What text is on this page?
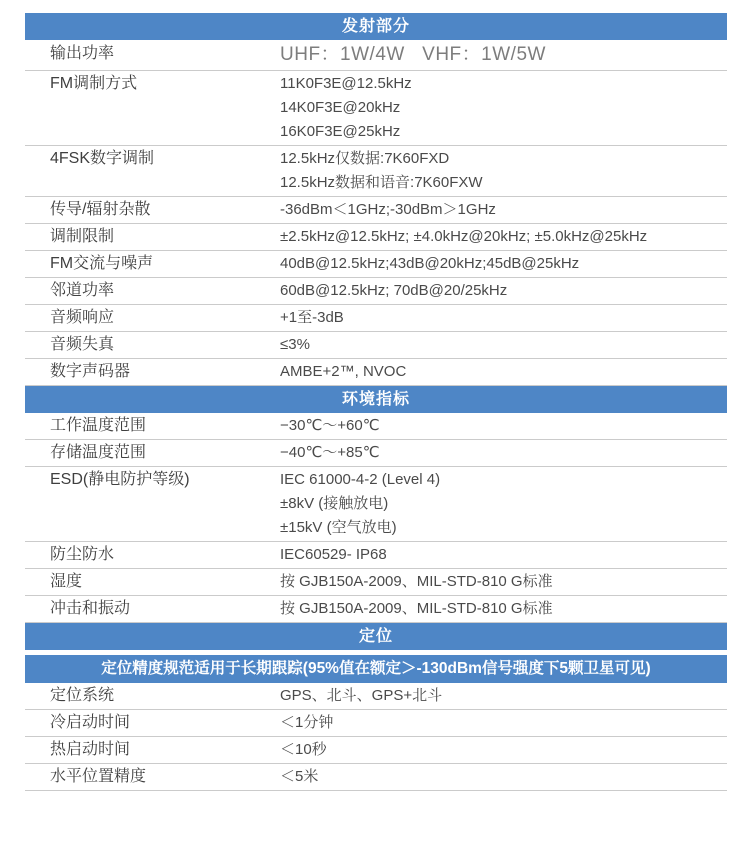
发射部分
输出功率	UHF：1W/4W   VHF：1W/5W
FM调制方式	11K0F3E@12.5kHz
14K0F3E@20kHz
16K0F3E@25kHz
4FSK数字调制	12.5kHz仅数据:7K60FXD
12.5kHz数据和语音:7K60FXW
传导/辐射杂散	-36dBm＜1GHz;-30dBm＞1GHz
调制限制	±2.5kHz@12.5kHz; ±4.0kHz@20kHz; ±5.0kHz@25kHz
FM交流与噪声	40dB@12.5kHz;43dB@20kHz;45dB@25kHz
邻道功率	60dB@12.5kHz; 70dB@20/25kHz
音频响应	+1至-3dB
音频失真	≤3%
数字声码器	AMBE+2™, NVOC
环境指标
工作温度范围	−30℃～+60℃
存储温度范围	−40℃～+85℃
ESD(静电防护等级)	IEC 61000-4-2 (Level 4)
±8kV (接触放电)
±15kV (空气放电)
防尘防水	IEC60529- IP68
湿度	按 GJB150A-2009、MIL-STD-810 G标准
冲击和振动	按 GJB150A-2009、MIL-STD-810 G标准
定位
定位精度规范适用于长期跟踪(95%值在额定＞-130dBm信号强度下5颗卫星可见)
定位系统	GPS、北斗、GPS+北斗
冷启动时间	＜1分钟
热启动时间	＜10秒
水平位置精度	＜5米
